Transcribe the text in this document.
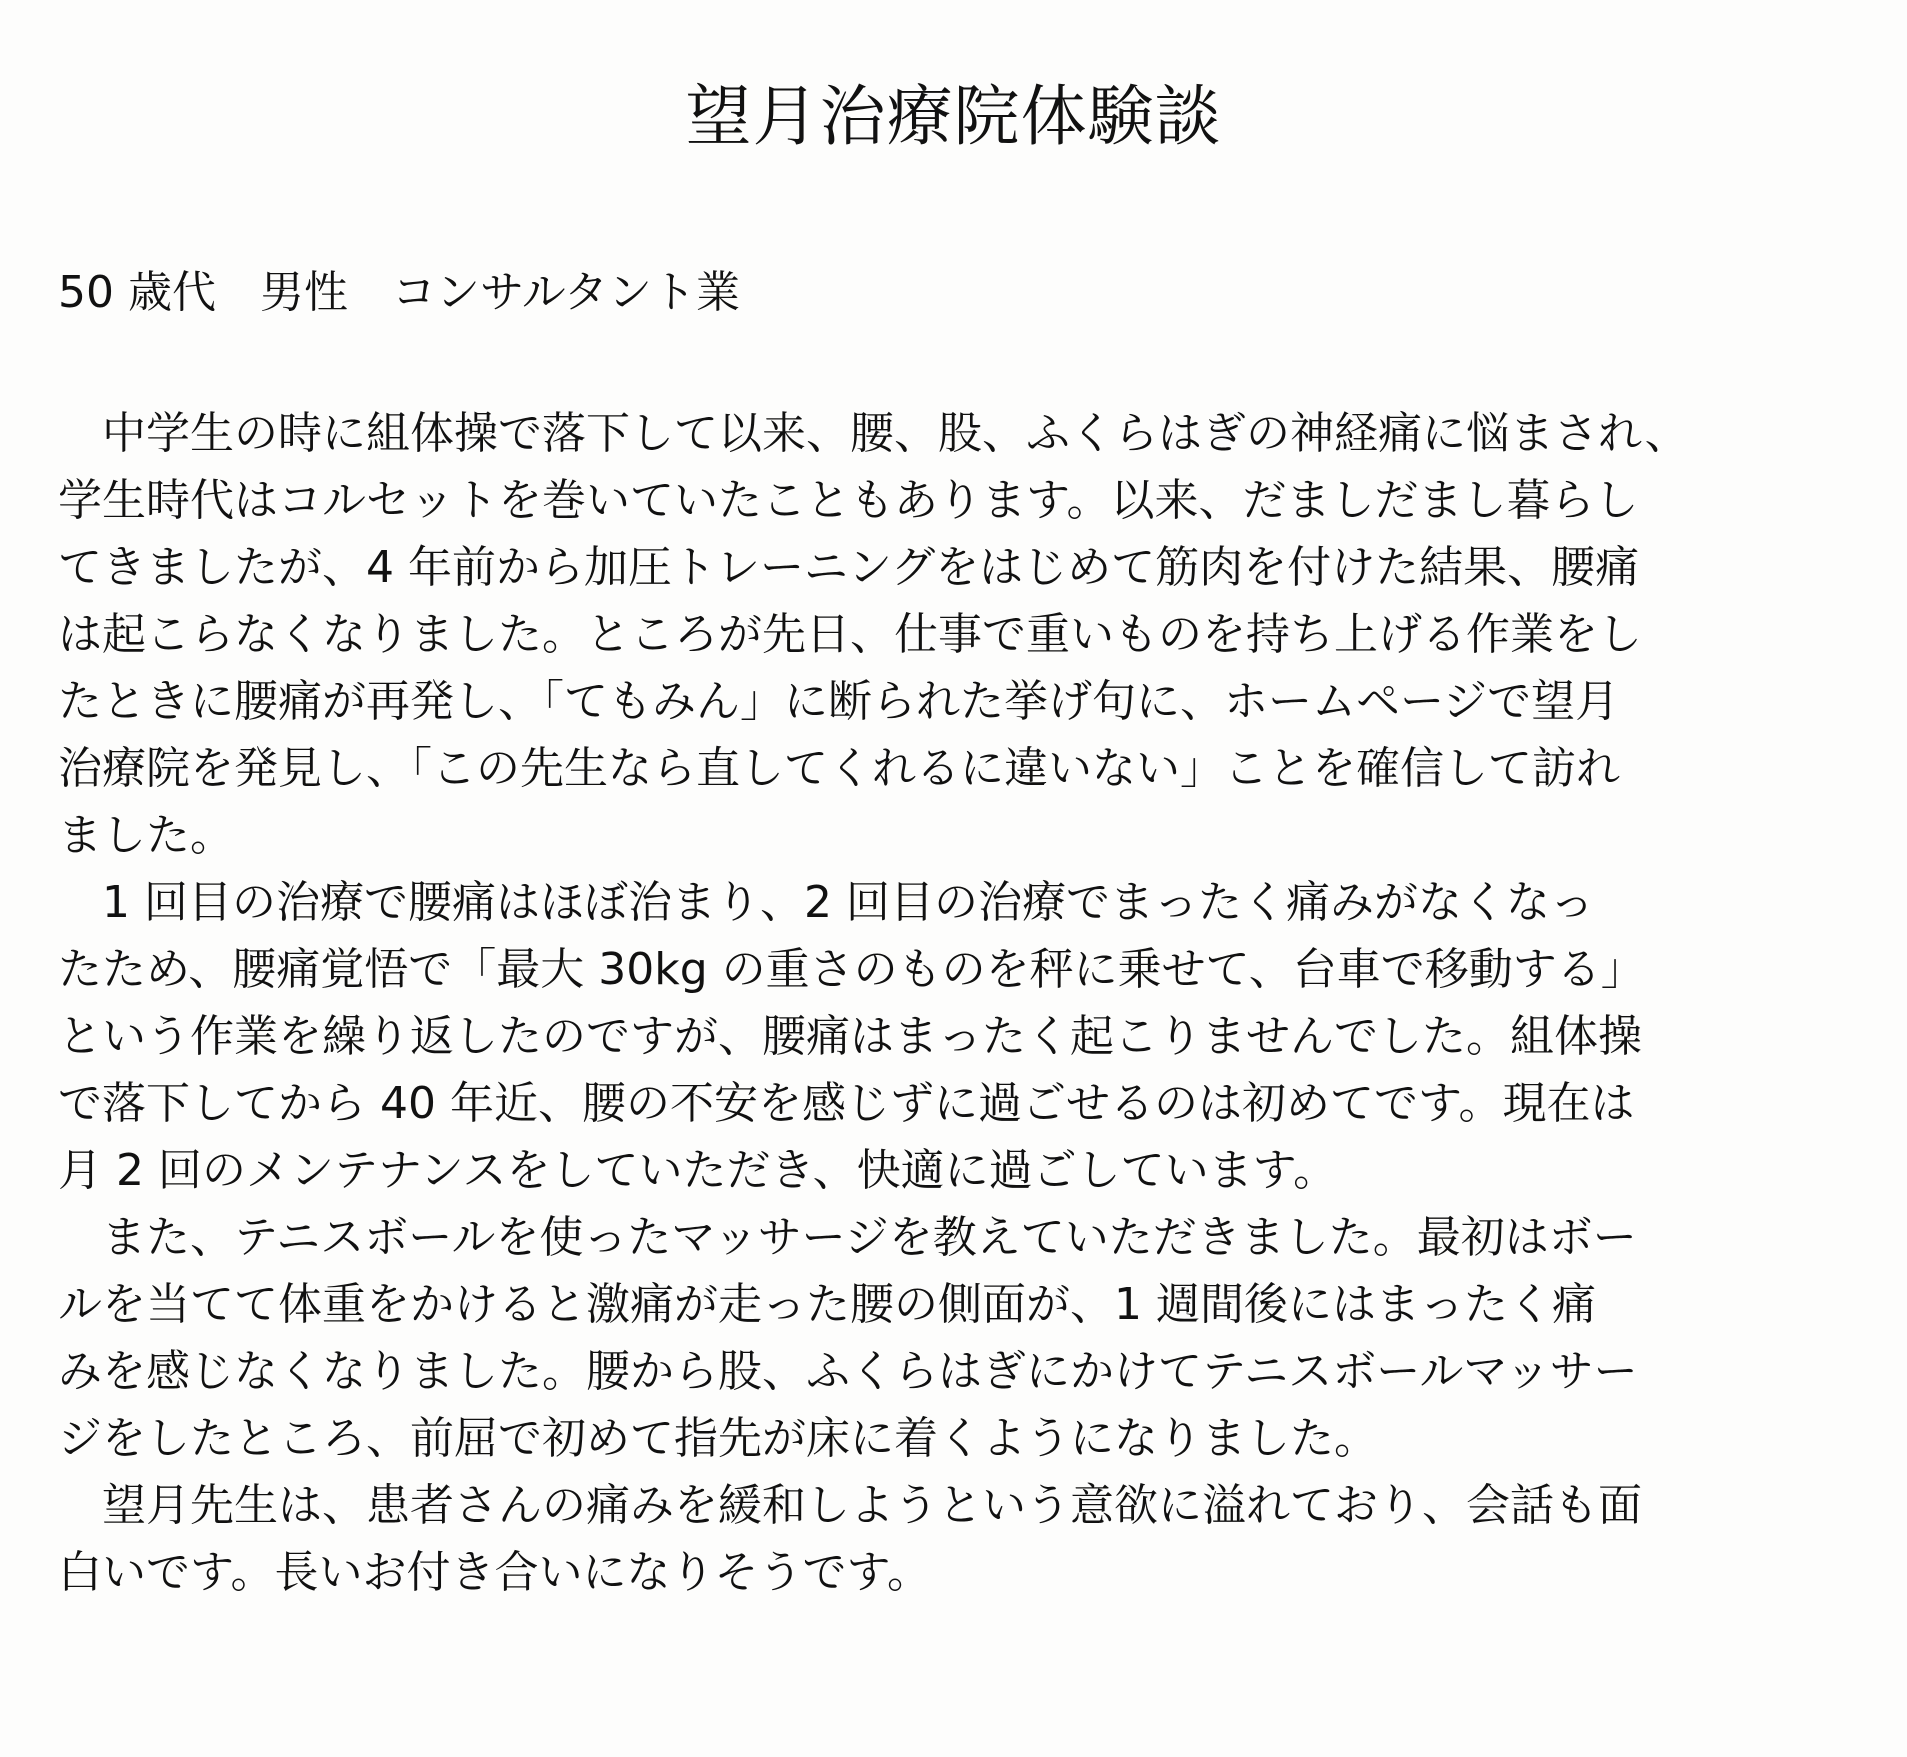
望月治療院体験談

50 歳代　男性　コンサルタント業

　中学生の時に組体操で落下して以来、腰、股、ふくらはぎの神経痛に悩まされ、
学生時代はコルセットを巻いていたこともあります。以来、だましだまし暮らし
てきましたが、4 年前から加圧トレーニングをはじめて筋肉を付けた結果、腰痛
は起こらなくなりました。ところが先日、仕事で重いものを持ち上げる作業をし
たときに腰痛が再発し、「てもみん」に断られた挙げ句に、ホームページで望月
治療院を発見し、「この先生なら直してくれるに違いない」ことを確信して訪れ
ました。
　1 回目の治療で腰痛はほぼ治まり、2 回目の治療でまったく痛みがなくなっ
たため、腰痛覚悟で「最大 30kg の重さのものを秤に乗せて、台車で移動する」
という作業を繰り返したのですが、腰痛はまったく起こりませんでした。組体操
で落下してから 40 年近、腰の不安を感じずに過ごせるのは初めてです。現在は
月 2 回のメンテナンスをしていただき、快適に過ごしています。
　また、テニスボールを使ったマッサージを教えていただきました。最初はボー
ルを当てて体重をかけると激痛が走った腰の側面が、1 週間後にはまったく痛
みを感じなくなりました。腰から股、ふくらはぎにかけてテニスボールマッサー
ジをしたところ、前屈で初めて指先が床に着くようになりました。
　望月先生は、患者さんの痛みを緩和しようという意欲に溢れており、会話も面
白いです。長いお付き合いになりそうです。
